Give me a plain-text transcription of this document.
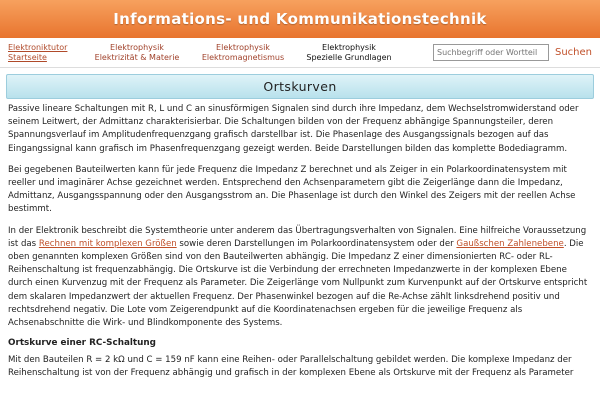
Informations- und Kommunikationstechnik
Elektroniktutor
Startseite
Elektrophysik
Elektrizität & Materie
Elektrophysik
Elektromagnetismus
Elektrophysik
Spezielle Grundlagen
Suchbegriff oder Wortteil	Suchen
Ortskurven

Passive lineare Schaltungen mit R, L und C an sinusförmigen Signalen sind durch ihre Impedanz, dem Wechselstromwiderstand oder seinem Leitwert, der Admittanz charakterisierbar. Die Schaltungen bilden von der Frequenz abhängige Spannungsteiler, deren Spannungsverlauf im Amplitudenfrequenzgang grafisch darstellbar ist. Die Phasenlage des Ausgangssignals bezogen auf das Eingangssignal kann grafisch im Phasenfrequenzgang gezeigt werden. Beide Darstellungen bilden das komplette Bodediagramm.

Bei gegebenen Bauteilwerten kann für jede Frequenz die Impedanz Z berechnet und als Zeiger in ein Polarkoordinatensystem mit reeller und imaginärer Achse gezeichnet werden. Entsprechend den Achsenparametern gibt die Zeigerlänge dann die Impedanz, Admittanz, Ausgangsspannung oder den Ausgangsstrom an. Die Phasenlage ist durch den Winkel des Zeigers mit der reellen Achse bestimmt.

In der Elektronik beschreibt die Systemtheorie unter anderem das Übertragungsverhalten von Signalen. Eine hilfreiche Voraussetzung ist das Rechnen mit komplexen Größen sowie deren Darstellungen im Polarkoordinatensystem oder der Gaußschen Zahlenebene. Die oben genannten komplexen Größen sind von den Bauteilwerten abhängig. Die Impedanz Z einer dimensionierten RC- oder RL-Reihenschaltung ist frequenzabhängig. Die Ortskurve ist die Verbindung der errechneten Impedanzwerte in der komplexen Ebene durch einen Kurvenzug mit der Frequenz als Parameter. Die Zeigerlänge vom Nullpunkt zum Kurvenpunkt auf der Ortskurve entspricht dem skalaren Impedanzwert der aktuellen Frequenz. Der Phasenwinkel bezogen auf die Re-Achse zählt linksdrehend positiv und rechtsdrehend negativ. Die Lote vom Zeigerendpunkt auf die Koordinatenachsen ergeben für die jeweilige Frequenz als Achsenabschnitte die Wirk- und Blindkomponente des Systems.

Ortskurve einer RC-Schaltung

Mit den Bauteilen R = 2 kΩ und C = 159 nF kann eine Reihen- oder Parallelschaltung gebildet werden. Die komplexe Impedanz der Reihenschaltung ist von der Frequenz abhängig und grafisch in der komplexen Ebene als Ortskurve mit der Frequenz als Parameter
